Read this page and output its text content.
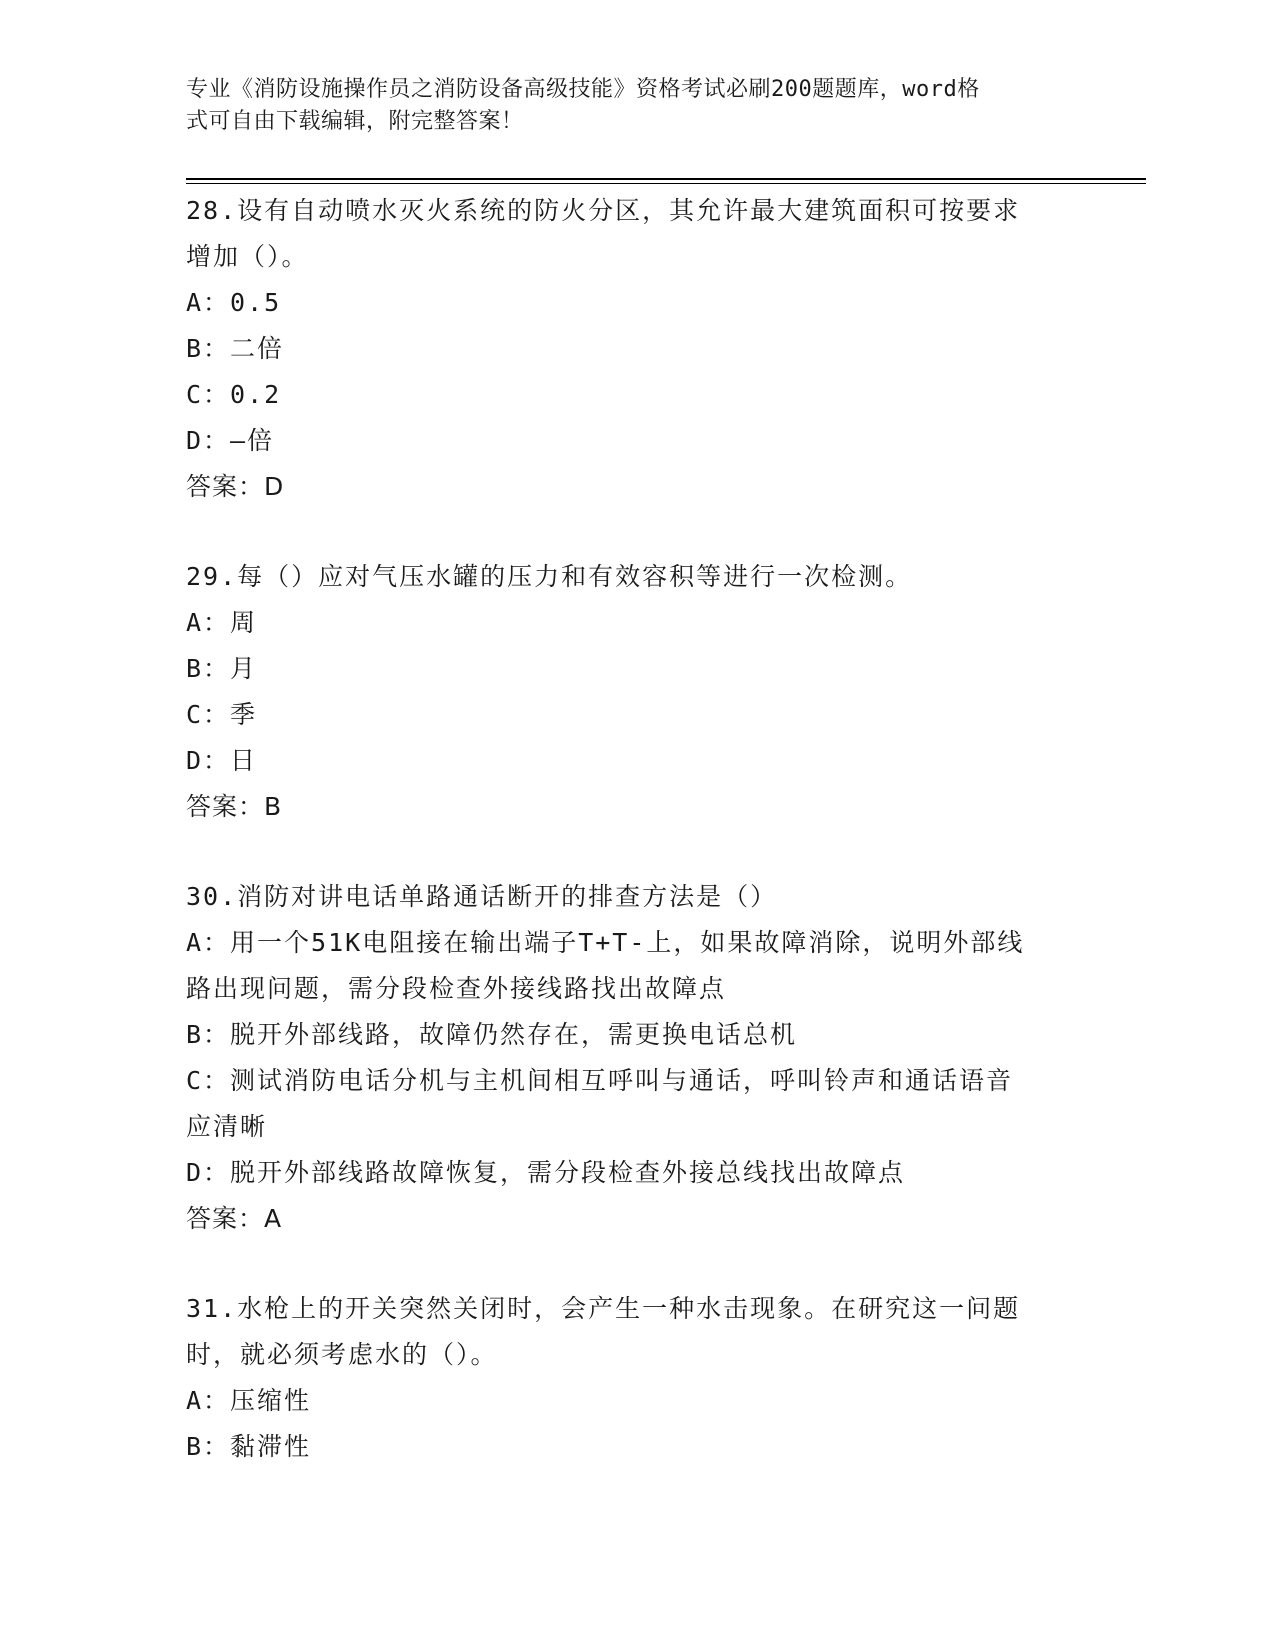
专业《消防设施操作员之消防设备高级技能》资格考试必刷200题题库，word格
式可自由下载编辑，附完整答案！
28.设有自动喷水灭火系统的防火分区，其允许最大建筑面积可按要求
增加（）。
A：0.5
B：二倍
C：0.2
D：—倍
答案：D
29.每（）应对气压水罐的压力和有效容积等进行一次检测。
A：周
B：月
C：季
D：日
答案：B
30.消防对讲电话单路通话断开的排查方法是（）
A：用一个51K电阻接在输出端子T+T-上，如果故障消除，说明外部线
路出现问题，需分段检查外接线路找出故障点
B：脱开外部线路，故障仍然存在，需更换电话总机
C：测试消防电话分机与主机间相互呼叫与通话，呼叫铃声和通话语音
应清晰
D：脱开外部线路故障恢复，需分段检查外接总线找出故障点
答案：A
31.水枪上的开关突然关闭时，会产生一种水击现象。在研究这一问题
时，就必须考虑水的（）。
A：压缩性
B：黏滞性
